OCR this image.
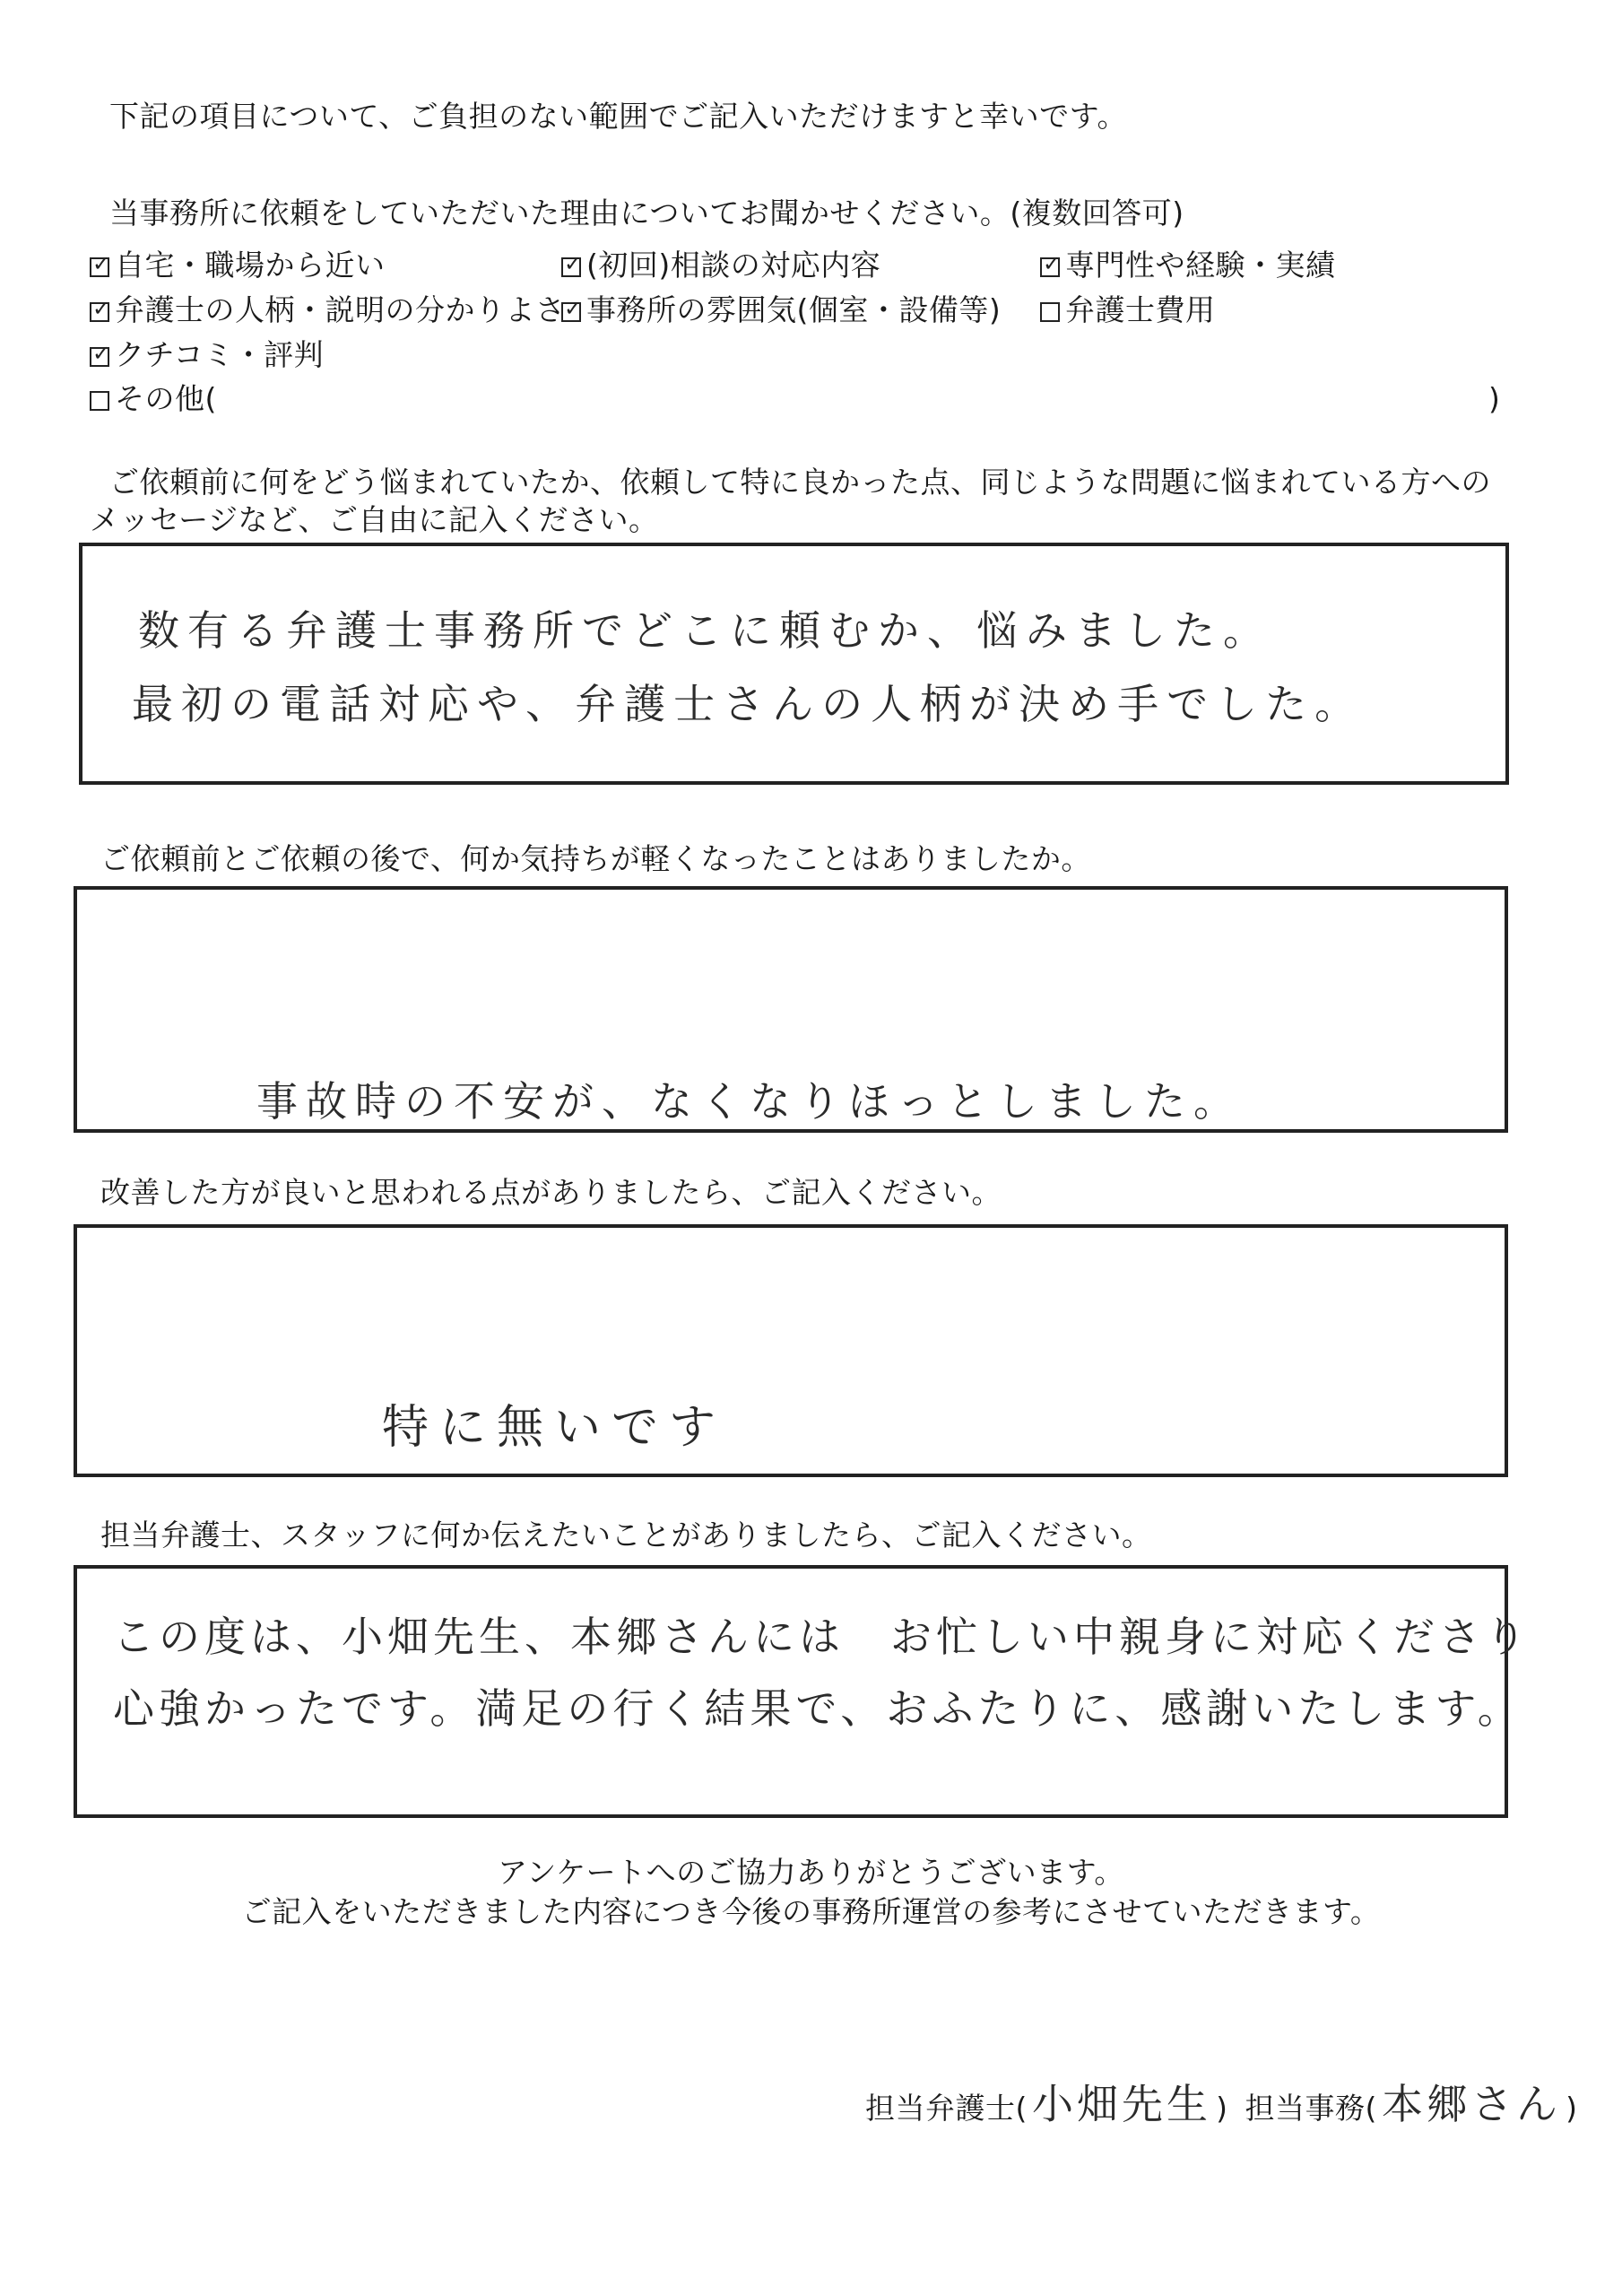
下記の項目について、ご負担のない範囲でご記入いただけますと幸いです。
当事務所に依頼をしていただいた理由についてお聞かせください。(複数回答可)
✓自宅・職場から近い ✓	(初回)相談の対応内容 ✓	専門性や経験・実績
✓弁護士の人柄・説明の分かりよさ ✓ 事務所の雰囲気(個室・設備等)	弁護士費用
✓クチコミ・評判
その他(	)
ご依頼前に何をどう悩まれていたか、依頼して特に良かった点、同じような問題に悩まれている方への
メッセージなど、ご自由に記入ください。
数有る弁護士事務所でどこに頼むか、悩みました。
最初の電話対応や、弁護士さんの人柄が決め手でした。
ご依頼前とご依頼の後で、何か気持ちが軽くなったことはありましたか。
事故時の不安が、なくなりほっとしました。
改善した方が良いと思われる点がありましたら、ご記入ください。
特に無いです
担当弁護士、スタッフに何か伝えたいことがありましたら、ご記入ください。
この度は、小畑先生、本郷さんには　お忙しい中親身に対応くださり
心強かったです。満足の行く結果で、おふたりに、感謝いたします。
アンケートへのご協力ありがとうございます。
ご記入をいただきました内容につき今後の事務所運営の参考にさせていただきます。
担当弁護士( 小畑先生 ) 担当事務( 本郷さん )
